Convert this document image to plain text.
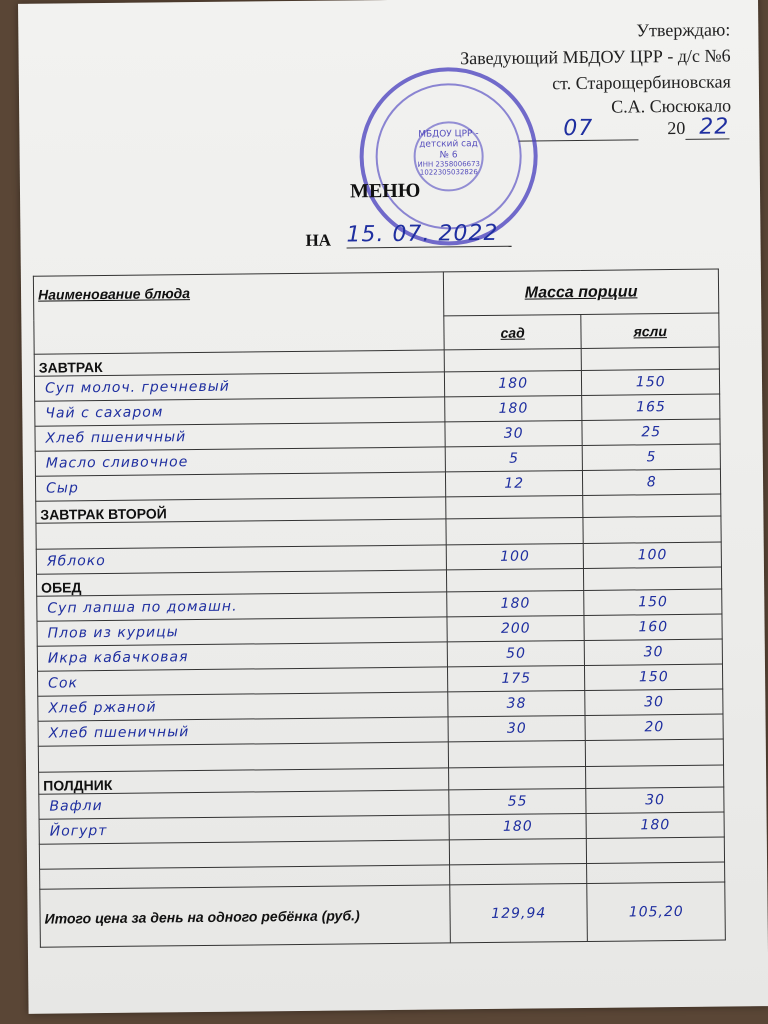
Утверждаю:
Заведующий МБДОУ ЦРР - д/с №6
ст. Старощербиновская
С.А. Сюсюкало
07	20 22
МБДОУ ЦРР -
детский сад
№ 6
ИНН 2358006673
1022305032826
МЕНЮ
НА 15. 07. 2022
Наименование блюда	Масса порции	
	сад	ясли
ЗАВТРАК		
Суп молоч. гречневый	180	150
Чай с сахаром	180	165
Хлеб пшеничный	30	25
Масло сливочное	5	5
Сыр	12	8
ЗАВТРАК ВТОРОЙ		

Яблоко	100	100
ОБЕД		
Суп лапша по домашн.	180	150
Плов из курицы	200	160
Икра кабачковая	50	30
Сок	175	150
Хлеб ржаной	38	30
Хлеб пшеничный	30	20

ПОЛДНИК		
Вафли	55	30
Йогурт	180	180

Итого цена за день на одного ребёнка (руб.)	129,94	105,20
